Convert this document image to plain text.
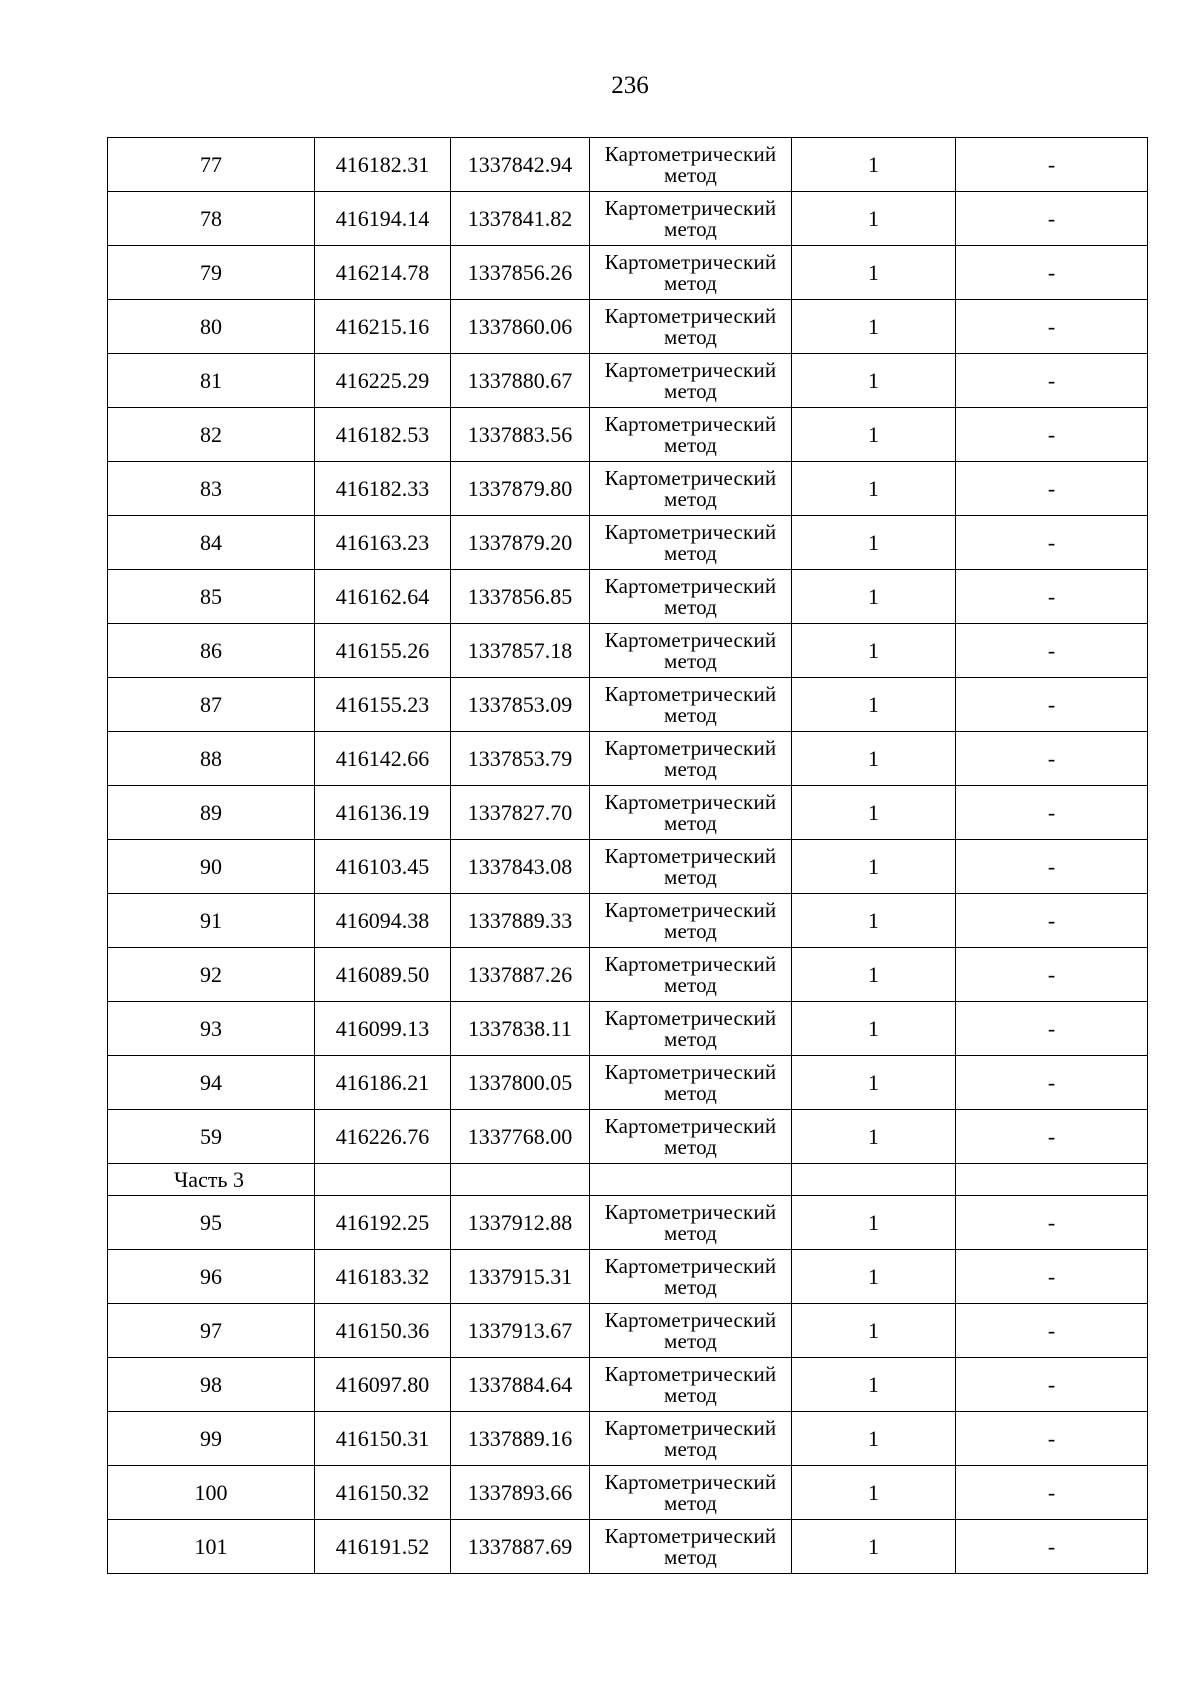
236
77	416182.31	1337842.94	Картометрический метод	1	-
78	416194.14	1337841.82	Картометрический метод	1	-
79	416214.78	1337856.26	Картометрический метод	1	-
80	416215.16	1337860.06	Картометрический метод	1	-
81	416225.29	1337880.67	Картометрический метод	1	-
82	416182.53	1337883.56	Картометрический метод	1	-
83	416182.33	1337879.80	Картометрический метод	1	-
84	416163.23	1337879.20	Картометрический метод	1	-
85	416162.64	1337856.85	Картометрический метод	1	-
86	416155.26	1337857.18	Картометрический метод	1	-
87	416155.23	1337853.09	Картометрический метод	1	-
88	416142.66	1337853.79	Картометрический метод	1	-
89	416136.19	1337827.70	Картометрический метод	1	-
90	416103.45	1337843.08	Картометрический метод	1	-
91	416094.38	1337889.33	Картометрический метод	1	-
92	416089.50	1337887.26	Картометрический метод	1	-
93	416099.13	1337838.11	Картометрический метод	1	-
94	416186.21	1337800.05	Картометрический метод	1	-
59	416226.76	1337768.00	Картометрический метод	1	-
Часть 3					
95	416192.25	1337912.88	Картометрический метод	1	-
96	416183.32	1337915.31	Картометрический метод	1	-
97	416150.36	1337913.67	Картометрический метод	1	-
98	416097.80	1337884.64	Картометрический метод	1	-
99	416150.31	1337889.16	Картометрический метод	1	-
100	416150.32	1337893.66	Картометрический метод	1	-
101	416191.52	1337887.69	Картометрический метод	1	-
